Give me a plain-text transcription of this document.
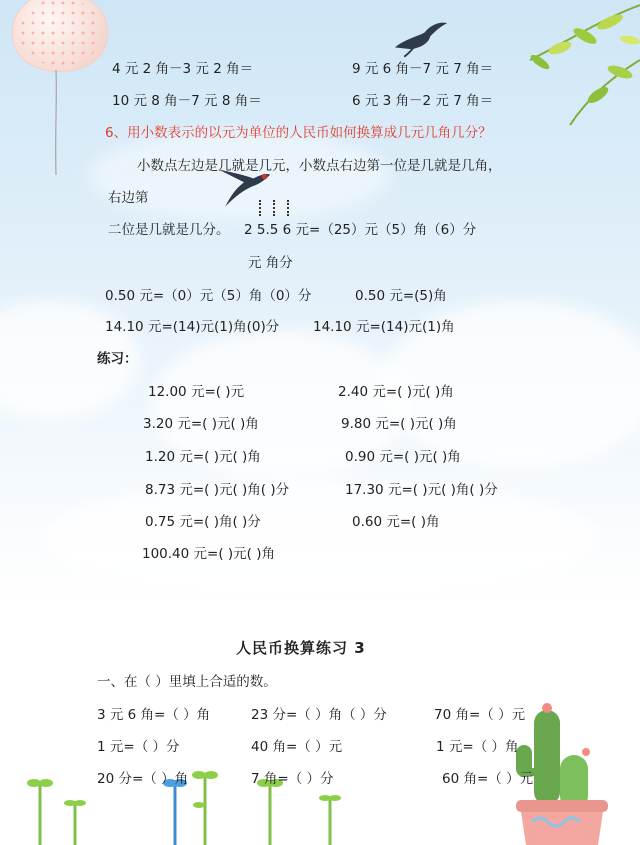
4 元 2 角－3 元 2 角＝	9 元 6 角－7 元 7 角＝
10 元 8 角－7 元 8 角＝	6 元 3 角－2 元 7 角＝
6、用小数表示的以元为单位的人民币如何换算成几元几角几分？
小数点左边是几就是几元，小数点右边第一位是几就是几角，
右边第
二位是几就是几分。 2 5.5 6 元=（25）元（5）角（6）分
元 角分
0.50 元=（0）元（5）角（0）分	0.50 元=(5)角
14.10 元=(14)元(1)角(0)分	14.10 元=(14)元(1)角
练习：
12.00 元=( )元	2.40 元=( )元( )角
3.20 元=( )元( )角	9.80 元=( )元( )角
1.20 元=( )元( )角	0.90 元=( )元( )角
8.73 元=( )元( )角( )分	17.30 元=( )元( )角( )分
0.75 元=( )角( )分	0.60 元=( )角
100.40 元=( )元( )角
人民币换算练习 3
一、在（ ）里填上合适的数。
3 元 6 角=（ ）角	23 分=（ ）角（ ）分	70 角=（ ）元
1 元=（ ）分	40 角=（ ）元	1 元=（ ）角
20 分=（ ）角	7 角=（ ）分	60 角=（ ）元
